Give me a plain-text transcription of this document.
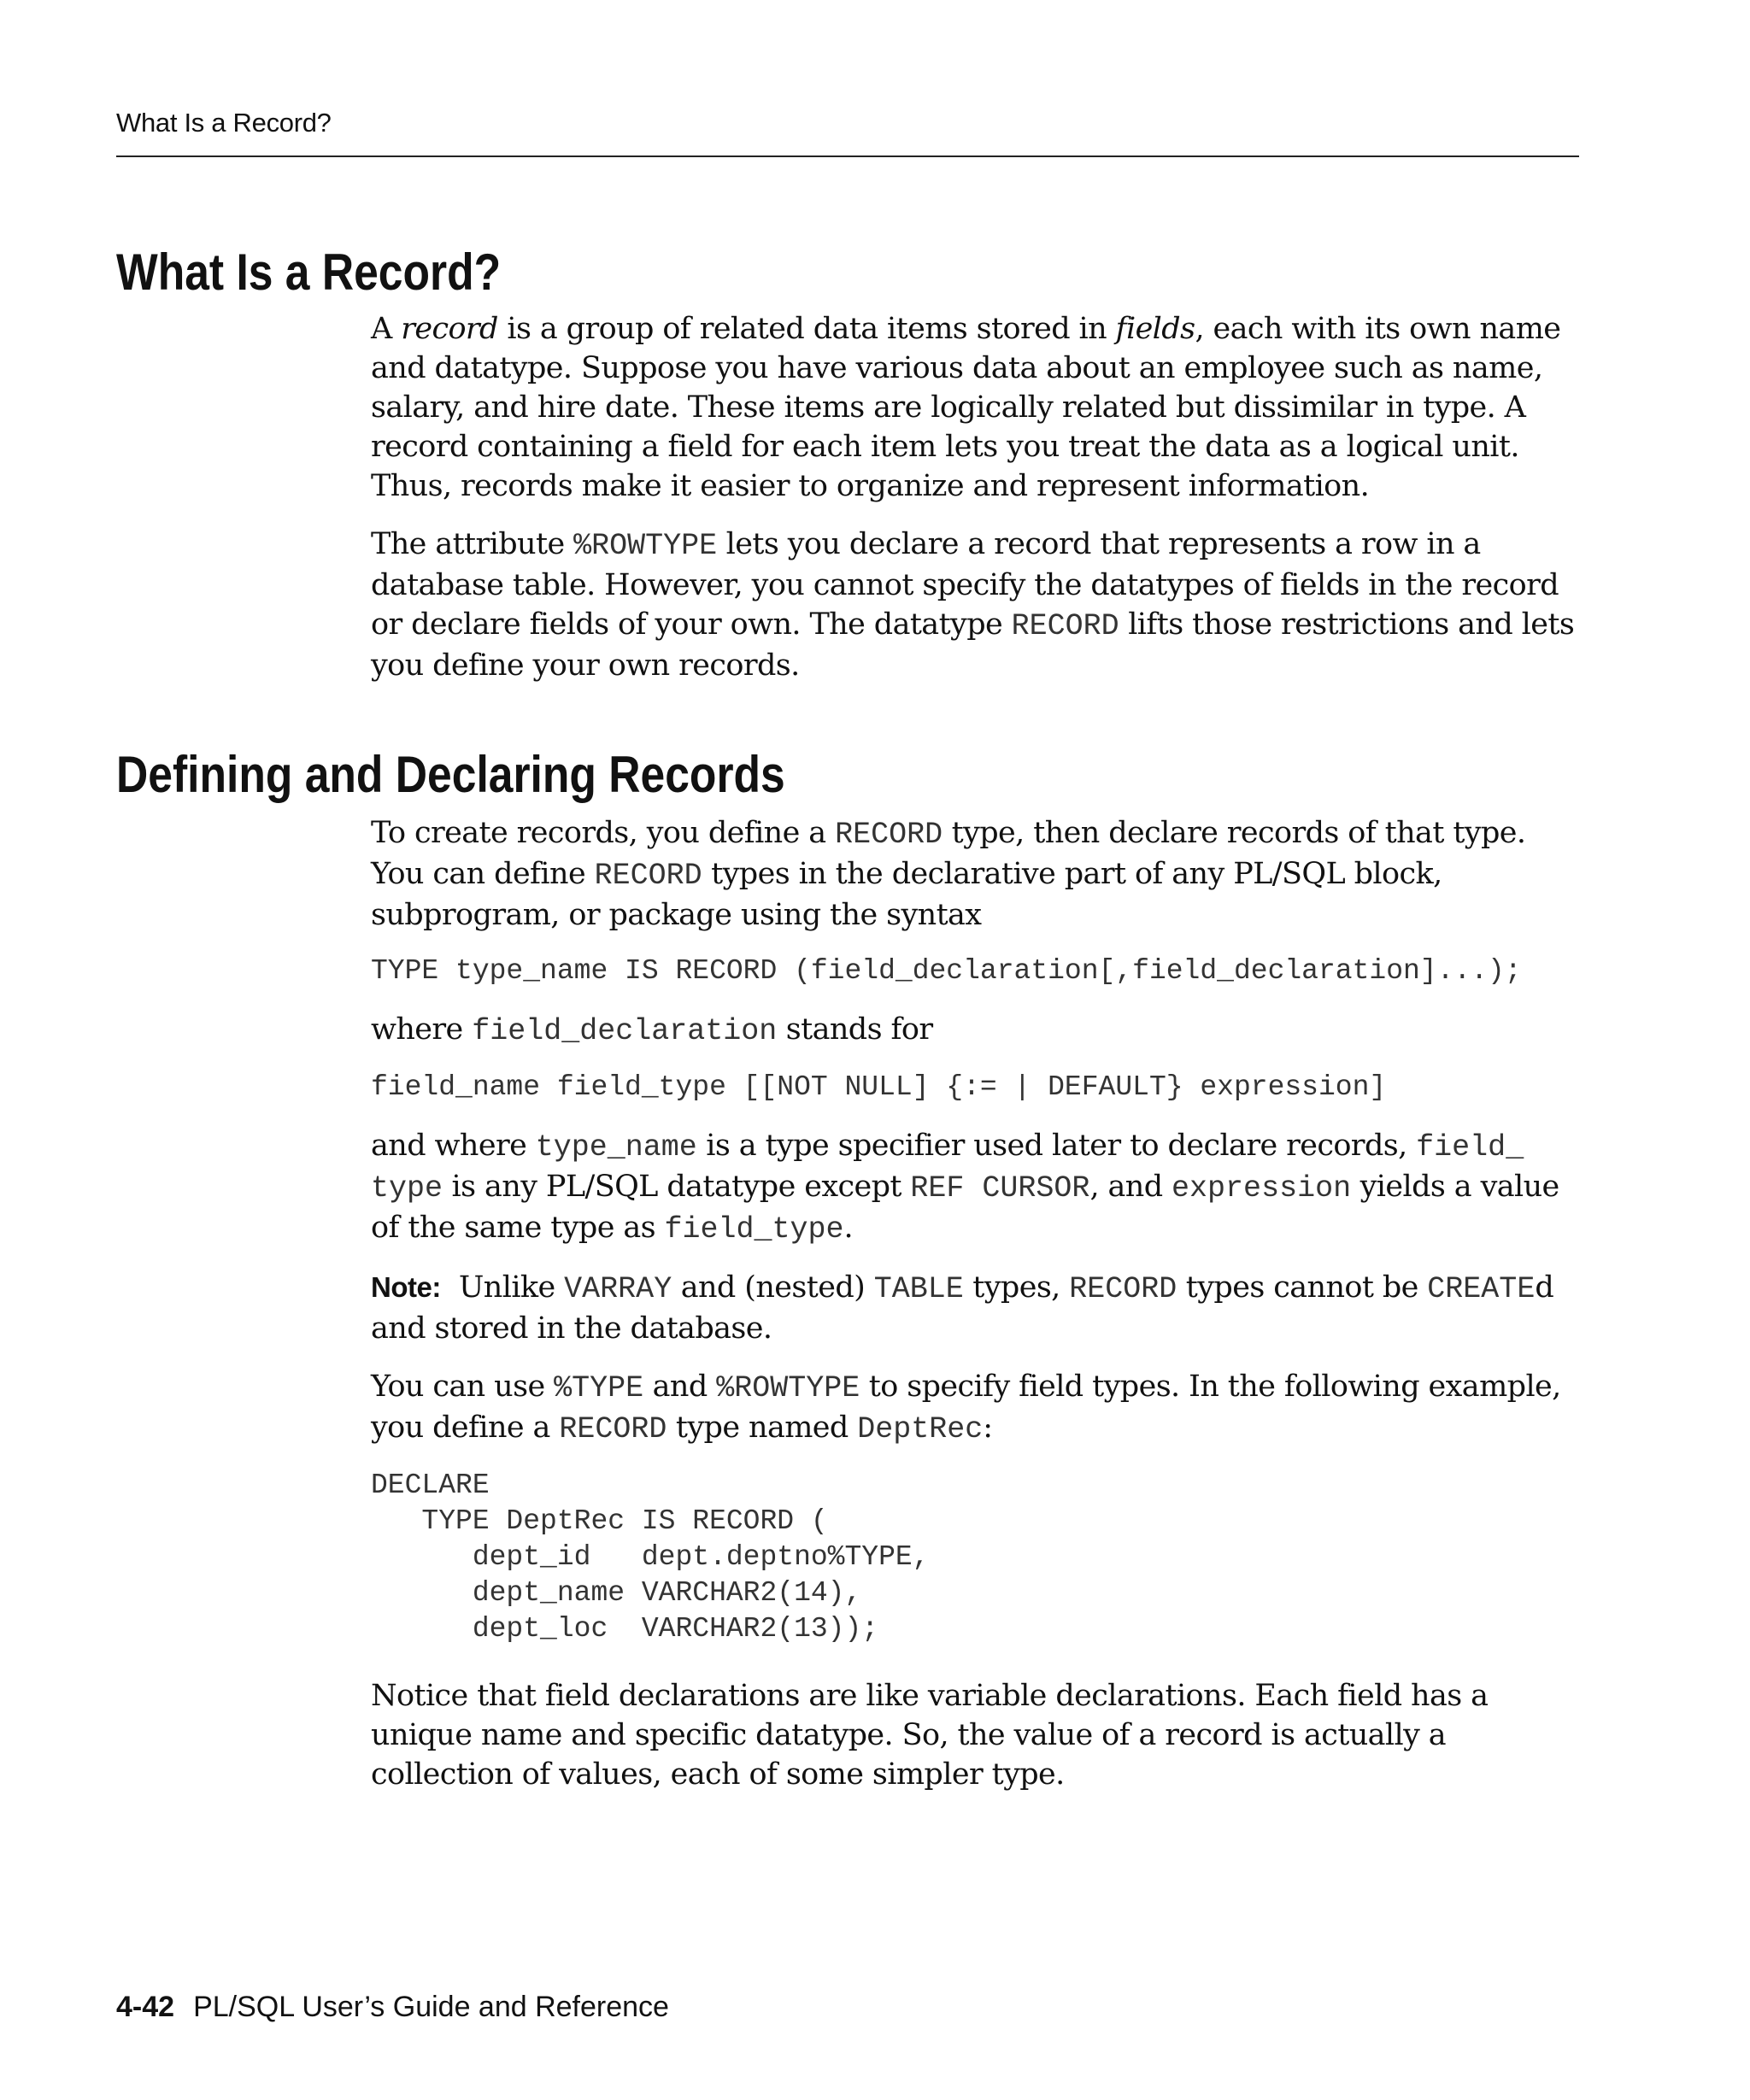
What Is a Record?
What Is a Record?

A record is a group of related data items stored in fields, each with its own name and datatype. Suppose you have various data about an employee such as name, salary, and hire date. These items are logically related but dissimilar in type. A record containing a field for each item lets you treat the data as a logical unit. Thus, records make it easier to organize and represent information.

The attribute %ROWTYPE lets you declare a record that represents a row in a database table. However, you cannot specify the datatypes of fields in the record or declare fields of your own. The datatype RECORD lifts those restrictions and lets you define your own records.

Defining and Declaring Records

To create records, you define a RECORD type, then declare records of that type. You can define RECORD types in the declarative part of any PL/SQL block, subprogram, or package using the syntax

TYPE type_name IS RECORD (field_declaration[,field_declaration]...);

where field_declaration stands for

field_name field_type [[NOT NULL] {:= | DEFAULT} expression]

and where type_name is a type specifier used later to declare records, field_
type is any PL/SQL datatype except REF CURSOR, and expression yields a value of the same type as field_type.

Note: Unlike VARRAY and (nested) TABLE types, RECORD types cannot be CREATEd and stored in the database.

You can use %TYPE and %ROWTYPE to specify field types. In the following example, you define a RECORD type named DeptRec:

DECLARE
TYPE DeptRec IS RECORD (
dept_id   dept.deptno%TYPE,
dept_name VARCHAR2(14),
dept_loc  VARCHAR2(13));

Notice that field declarations are like variable declarations. Each field has a unique name and specific datatype. So, the value of a record is actually a collection of values, each of some simpler type.

4-42 PL/SQL User’s Guide and Reference
